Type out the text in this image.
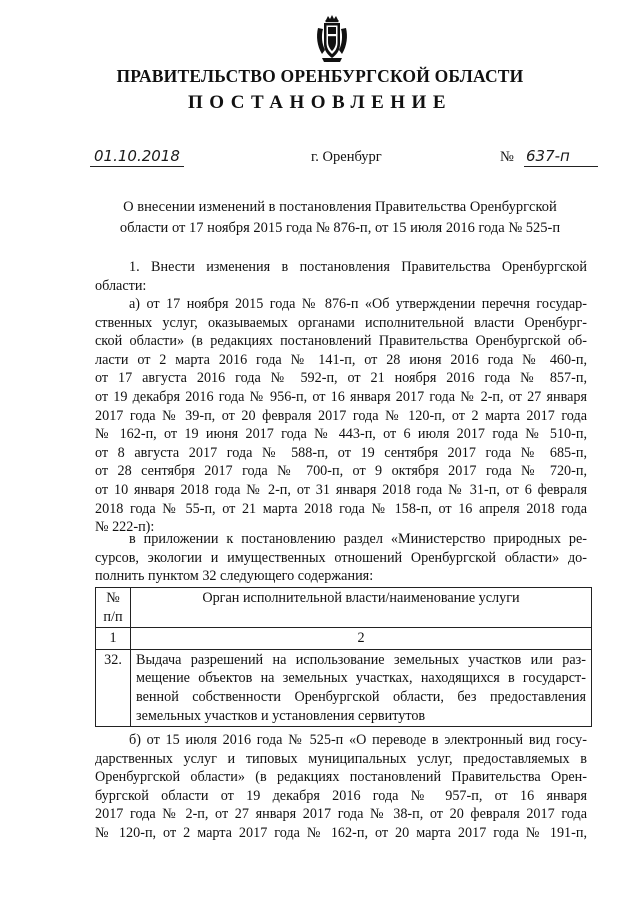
ПРАВИТЕЛЬСТВО ОРЕНБУРГСКОЙ ОБЛАСТИ
ПОСТАНОВЛЕНИЕ
01.10.2018	г. Оренбург	№ 637-п
О внесении изменений в постановления Правительства Оренбургской
области от 17 ноября 2015 года № 876-п, от 15 июля 2016 года № 525-п
1. Внести изменения в постановления Правительства Оренбургской
области:
а) от 17 ноября 2015 года № 876-п «Об утверждении перечня государ-
ственных услуг, оказываемых органами исполнительной власти Оренбург-
ской области» (в редакциях постановлений Правительства Оренбургской об-
ласти от 2 марта 2016 года № 141-п, от 28 июня 2016 года № 460-п,
от 17 августа 2016 года № 592-п, от 21 ноября 2016 года № 857-п,
от 19 декабря 2016 года № 956-п, от 16 января 2017 года № 2-п, от 27 января
2017 года № 39-п, от 20 февраля 2017 года № 120-п, от 2 марта 2017 года
№ 162-п, от 19 июня 2017 года № 443-п, от 6 июля 2017 года № 510-п,
от 8 августа 2017 года № 588-п, от 19 сентября 2017 года № 685-п,
от 28 сентября 2017 года № 700-п, от 9 октября 2017 года № 720-п,
от 10 января 2018 года № 2-п, от 31 января 2018 года № 31-п, от 6 февраля
2018 года № 55-п, от 21 марта 2018 года № 158-п, от 16 апреля 2018 года
№ 222-п):
в приложении к постановлению раздел «Министерство природных ре-
сурсов, экологии и имущественных отношений Оренбургской области» до-
полнить пунктом 32 следующего содержания:
№
п/п	Орган исполнительной власти/наименование услуги
1	2
32.	Выдача разрешений на использование земельных участков или раз-
мещение объектов на земельных участках, находящихся в государст-
венной собственности Оренбургской области, без предоставления
земельных участков и установления сервитутов
б) от 15 июля 2016 года № 525-п «О переводе в электронный вид госу-
дарственных услуг и типовых муниципальных услуг, предоставляемых в
Оренбургской области» (в редакциях постановлений Правительства Орен-
бургской области от 19 декабря 2016 года № 957-п, от 16 января
2017 года № 2-п, от 27 января 2017 года № 38-п, от 20 февраля 2017 года
№ 120-п, от 2 марта 2017 года № 162-п, от 20 марта 2017 года № 191-п,
